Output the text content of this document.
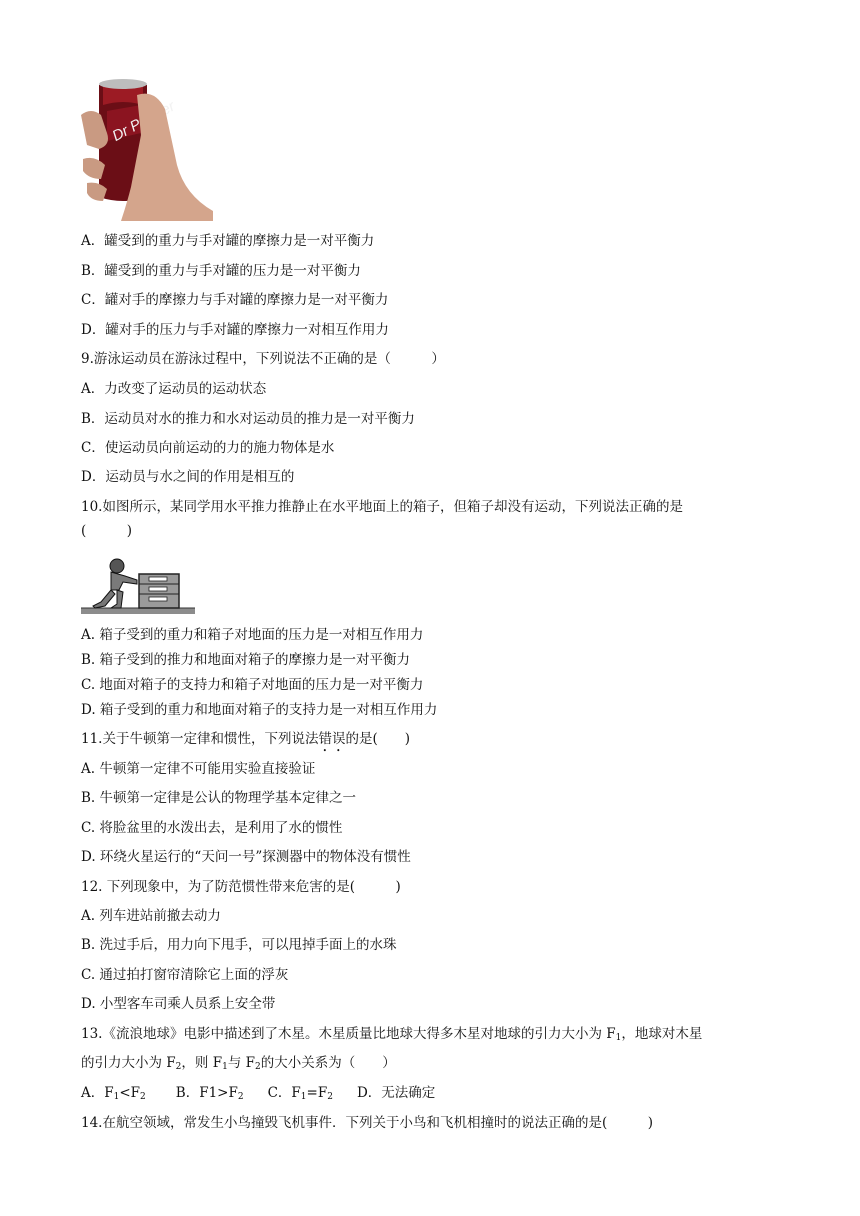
Dr
A．罐受到的重力与手对罐的摩擦力是一对平衡力
B．罐受到的重力与手对罐的压力是一对平衡力
C．罐对手的摩擦力与手对罐的摩擦力是一对平衡力
D．罐对手的压力与手对罐的摩擦力一对相互作用力
9.游泳运动员在游泳过程中，下列说法不正确的是（　　　）
A．力改变了运动员的运动状态
B．运动员对水的推力和水对运动员的推力是一对平衡力
C．使运动员向前运动的力的施力物体是水
D．运动员与水之间的作用是相互的
10.如图所示，某同学用水平推力推静止在水平地面上的箱子，但箱子却没有运动，下列说法正确的是
(　　　)
A. 箱子受到的重力和箱子对地面的压力是一对相互作用力
B. 箱子受到的推力和地面对箱子的摩擦力是一对平衡力
C. 地面对箱子的支持力和箱子对地面的压力是一对平衡力
D. 箱子受到的重力和地面对箱子的支持力是一对相互作用力
11.关于牛顿第一定律和惯性，下列说法错误的是(　　)
A. 牛顿第一定律不可能用实验直接验证
B. 牛顿第一定律是公认的物理学基本定律之一
C. 将脸盆里的水泼出去，是利用了水的惯性
D. 环绕火星运行的“天问一号”探测器中的物体没有惯性
12. 下列现象中，为了防范惯性带来危害的是(　　　)
A. 列车进站前撤去动力
B. 洗过手后，用力向下甩手，可以甩掉手面上的水珠
C. 通过拍打窗帘清除它上面的浮灰
D. 小型客车司乘人员系上安全带
13.《流浪地球》电影中描述到了木星。木星质量比地球大得多木星对地球的引力大小为 $F_1$，地球对木星
的引力大小为 $F_2$，则 $F_1$与 $F_2$的大小关系为（　　）
A．$F_1<F_2$ B．$F1>F_2$ C．$F_1=F_2$ D．无法确定
14.在航空领域，常发生小鸟撞毁飞机事件．下列关于小鸟和飞机相撞时的说法正确的是(　　　)
